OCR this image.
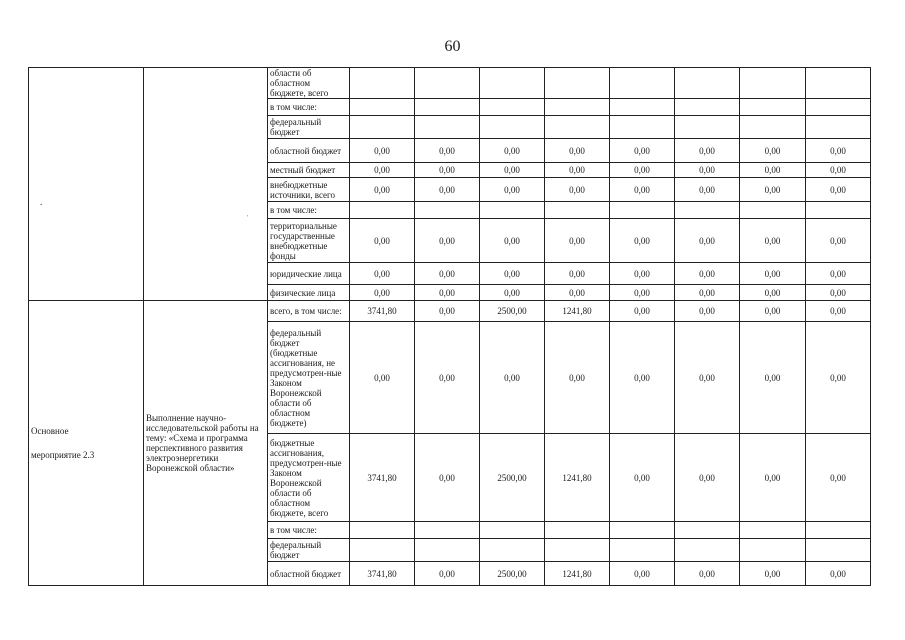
60
.
'
		области об областном бюджете, всего								
		в том числе:								
		федеральный бюджет								
		областной бюджет	0,00	0,00	0,00	0,00	0,00	0,00	0,00	0,00
		местный бюджет	0,00	0,00	0,00	0,00	0,00	0,00	0,00	0,00
		внебюджетные источники, всего	0,00	0,00	0,00	0,00	0,00	0,00	0,00	0,00
		в том числе:								
		территориальные государственные внебюджетные фонды	0,00	0,00	0,00	0,00	0,00	0,00	0,00	0,00
		юридические лица	0,00	0,00	0,00	0,00	0,00	0,00	0,00	0,00
		физические лица	0,00	0,00	0,00	0,00	0,00	0,00	0,00	0,00

Основное
мероприятие 2.3	Выполнение научно-исследовательской работы на тему: «Схема и программа перспективного развития электроэнергетики Воронежской области»	всего, в том числе:	3741,80	0,00	2500,00	1241,80	0,00	0,00	0,00	0,00
		федеральный бюджет (бюджетные ассигнования, не предусмотрен-ные Законом Воронежской области об областном бюджете)	0,00	0,00	0,00	0,00	0,00	0,00	0,00	0,00
		бюджетные ассигнования, предусмотрен-ные Законом Воронежской области об областном бюджете, всего	3741,80	0,00	2500,00	1241,80	0,00	0,00	0,00	0,00
		в том числе:								
		федеральный бюджет								
		областной бюджет	3741,80	0,00	2500,00	1241,80	0,00	0,00	0,00	0,00
